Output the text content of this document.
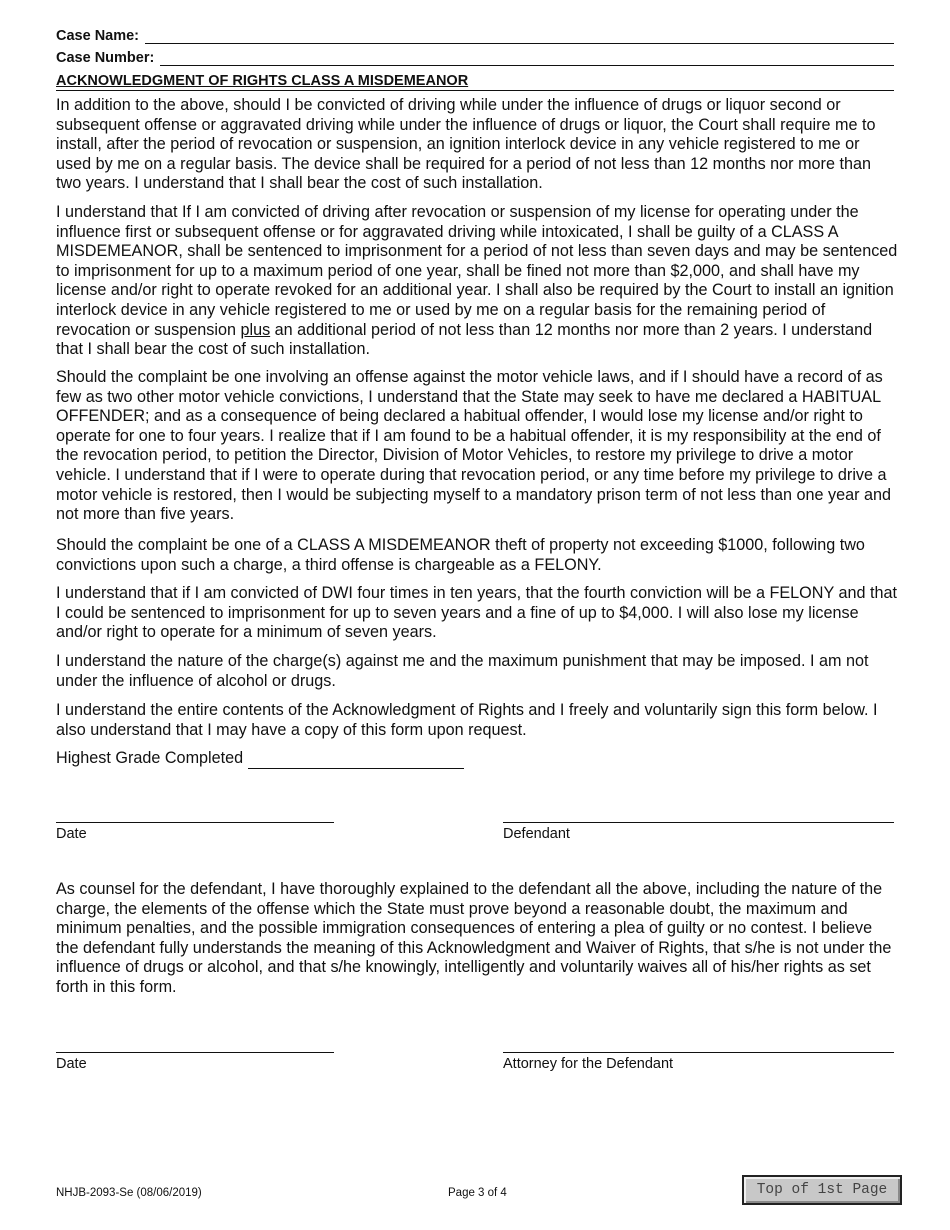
Case Name:
Case Number:
ACKNOWLEDGMENT OF RIGHTS CLASS A MISDEMEANOR

In addition to the above, should I be convicted of driving while under the influence of drugs or liquor second or subsequent offense or aggravated driving while under the influence of drugs or liquor, the Court shall require me to install, after the period of revocation or suspension, an ignition interlock device in any vehicle registered to me or used by me on a regular basis. The device shall be required for a period of not less than 12 months nor more than two years. I understand that I shall bear the cost of such installation.

I understand that If I am convicted of driving after revocation or suspension of my license for operating under the influence first or subsequent offense or for aggravated driving while intoxicated, I shall be guilty of a CLASS A MISDEMEANOR, shall be sentenced to imprisonment for a period of not less than seven days and may be sentenced to imprisonment for up to a maximum period of one year, shall be fined not more than $2,000, and shall have my license and/or right to operate revoked for an additional year. I shall also be required by the Court to install an ignition interlock device in any vehicle registered to me or used by me on a regular basis for the remaining period of revocation or suspension plus an additional period of not less than 12 months nor more than 2 years. I understand that I shall bear the cost of such installation.

Should the complaint be one involving an offense against the motor vehicle laws, and if I should have a record of as few as two other motor vehicle convictions, I understand that the State may seek to have me declared a HABITUAL OFFENDER; and as a consequence of being declared a habitual offender, I would lose my license and/or right to operate for one to four years. I realize that if I am found to be a habitual offender, it is my responsibility at the end of the revocation period, to petition the Director, Division of Motor Vehicles, to restore my privilege to drive a motor vehicle. I understand that if I were to operate during that revocation period, or any time before my privilege to drive a motor vehicle is restored, then I would be subjecting myself to a mandatory prison term of not less than one year and not more than five years.

Should the complaint be one of a CLASS A MISDEMEANOR theft of property not exceeding $1000, following two convictions upon such a charge, a third offense is chargeable as a FELONY.

I understand that if I am convicted of DWI four times in ten years, that the fourth conviction will be a FELONY and that I could be sentenced to imprisonment for up to seven years and a fine of up to $4,000. I will also lose my license and/or right to operate for a minimum of seven years.

I understand the nature of the charge(s) against me and the maximum punishment that may be imposed. I am not under the influence of alcohol or drugs.

I understand the entire contents of the Acknowledgment of Rights and I freely and voluntarily sign this form below. I also understand that I may have a copy of this form upon request.

Highest Grade Completed
Date	Defendant

As counsel for the defendant, I have thoroughly explained to the defendant all the above, including the nature of the charge, the elements of the offense which the State must prove beyond a reasonable doubt, the maximum and minimum penalties, and the possible immigration consequences of entering a plea of guilty or no contest. I believe the defendant fully understands the meaning of this Acknowledgment and Waiver of Rights, that s/he is not under the influence of drugs or alcohol, and that s/he knowingly, intelligently and voluntarily waives all of his/her rights as set forth in this form.

Date	Attorney for the Defendant
NHJB-2093-Se (08/06/2019)	Page 3 of 4	Top of 1st Page
